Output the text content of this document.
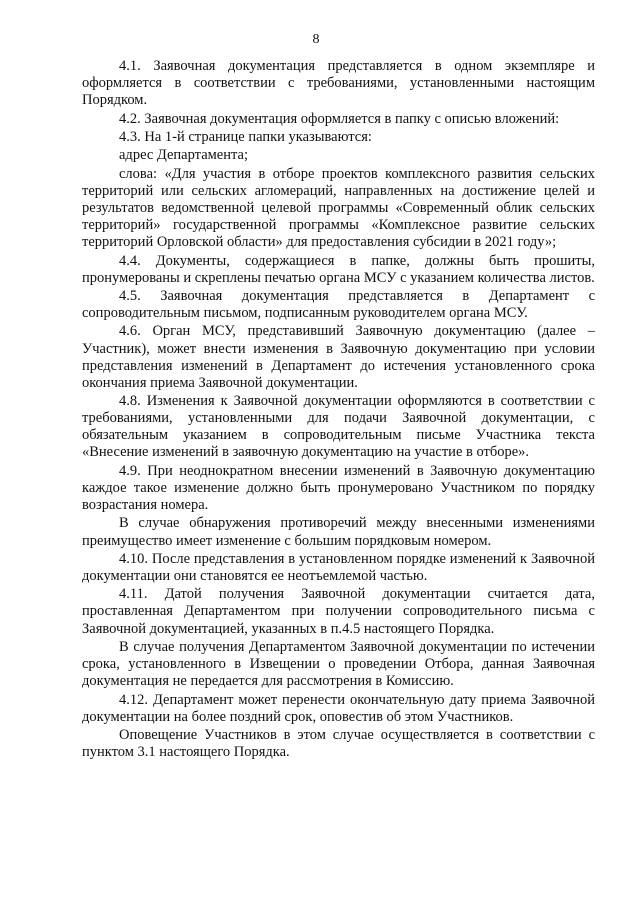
8

4.1. Заявочная документация представляется в одном экземпляре и оформляется в соответствии с требованиями, установленными настоящим Порядком.

4.2. Заявочная документация оформляется в папку с описью вложений:

4.3. На 1-й странице папки указываются:

адрес Департамента;

слова: «Для участия в отборе проектов комплексного развития сельских территорий или сельских агломераций, направленных на достижение целей и результатов ведомственной целевой программы «Современный облик сельских территорий» государственной программы «Комплексное развитие сельских территорий Орловской области» для предоставления субсидии в 2021 году»;

4.4. Документы, содержащиеся в папке, должны быть прошиты, пронумерованы и скреплены печатью органа МСУ с указанием количества листов.

4.5. Заявочная документация представляется в Департамент с сопроводительным письмом, подписанным руководителем органа МСУ.

4.6. Орган МСУ, представивший Заявочную документацию (далее – Участник), может внести изменения в Заявочную документацию при условии представления изменений в Департамент до истечения установленного срока окончания приема Заявочной документации.

4.8. Изменения к Заявочной документации оформляются в соответствии с требованиями, установленными для подачи Заявочной документации, с обязательным указанием в сопроводительным письме Участника текста «Внесение изменений в заявочную документацию на участие в отборе».

4.9. При неоднократном внесении изменений в Заявочную документацию каждое такое изменение должно быть пронумеровано Участником по порядку возрастания номера.

В случае обнаружения противоречий между внесенными изменениями преимущество имеет изменение с большим порядковым номером.

4.10. После представления в установленном порядке изменений к Заявочной документации они становятся ее неотъемлемой частью.

4.11. Датой получения Заявочной документации считается дата, проставленная Департаментом при получении сопроводительного письма с Заявочной документацией, указанных в п.4.5 настоящего Порядка.

В случае получения Департаментом Заявочной документации по истечении срока, установленного в Извещении о проведении Отбора, данная Заявочная документация не передается для рассмотрения в Комиссию.

4.12. Департамент может перенести окончательную дату приема Заявочной документации на более поздний срок, оповестив об этом Участников.

Оповещение Участников в этом случае осуществляется в соответствии с пунктом 3.1 настоящего Порядка.
